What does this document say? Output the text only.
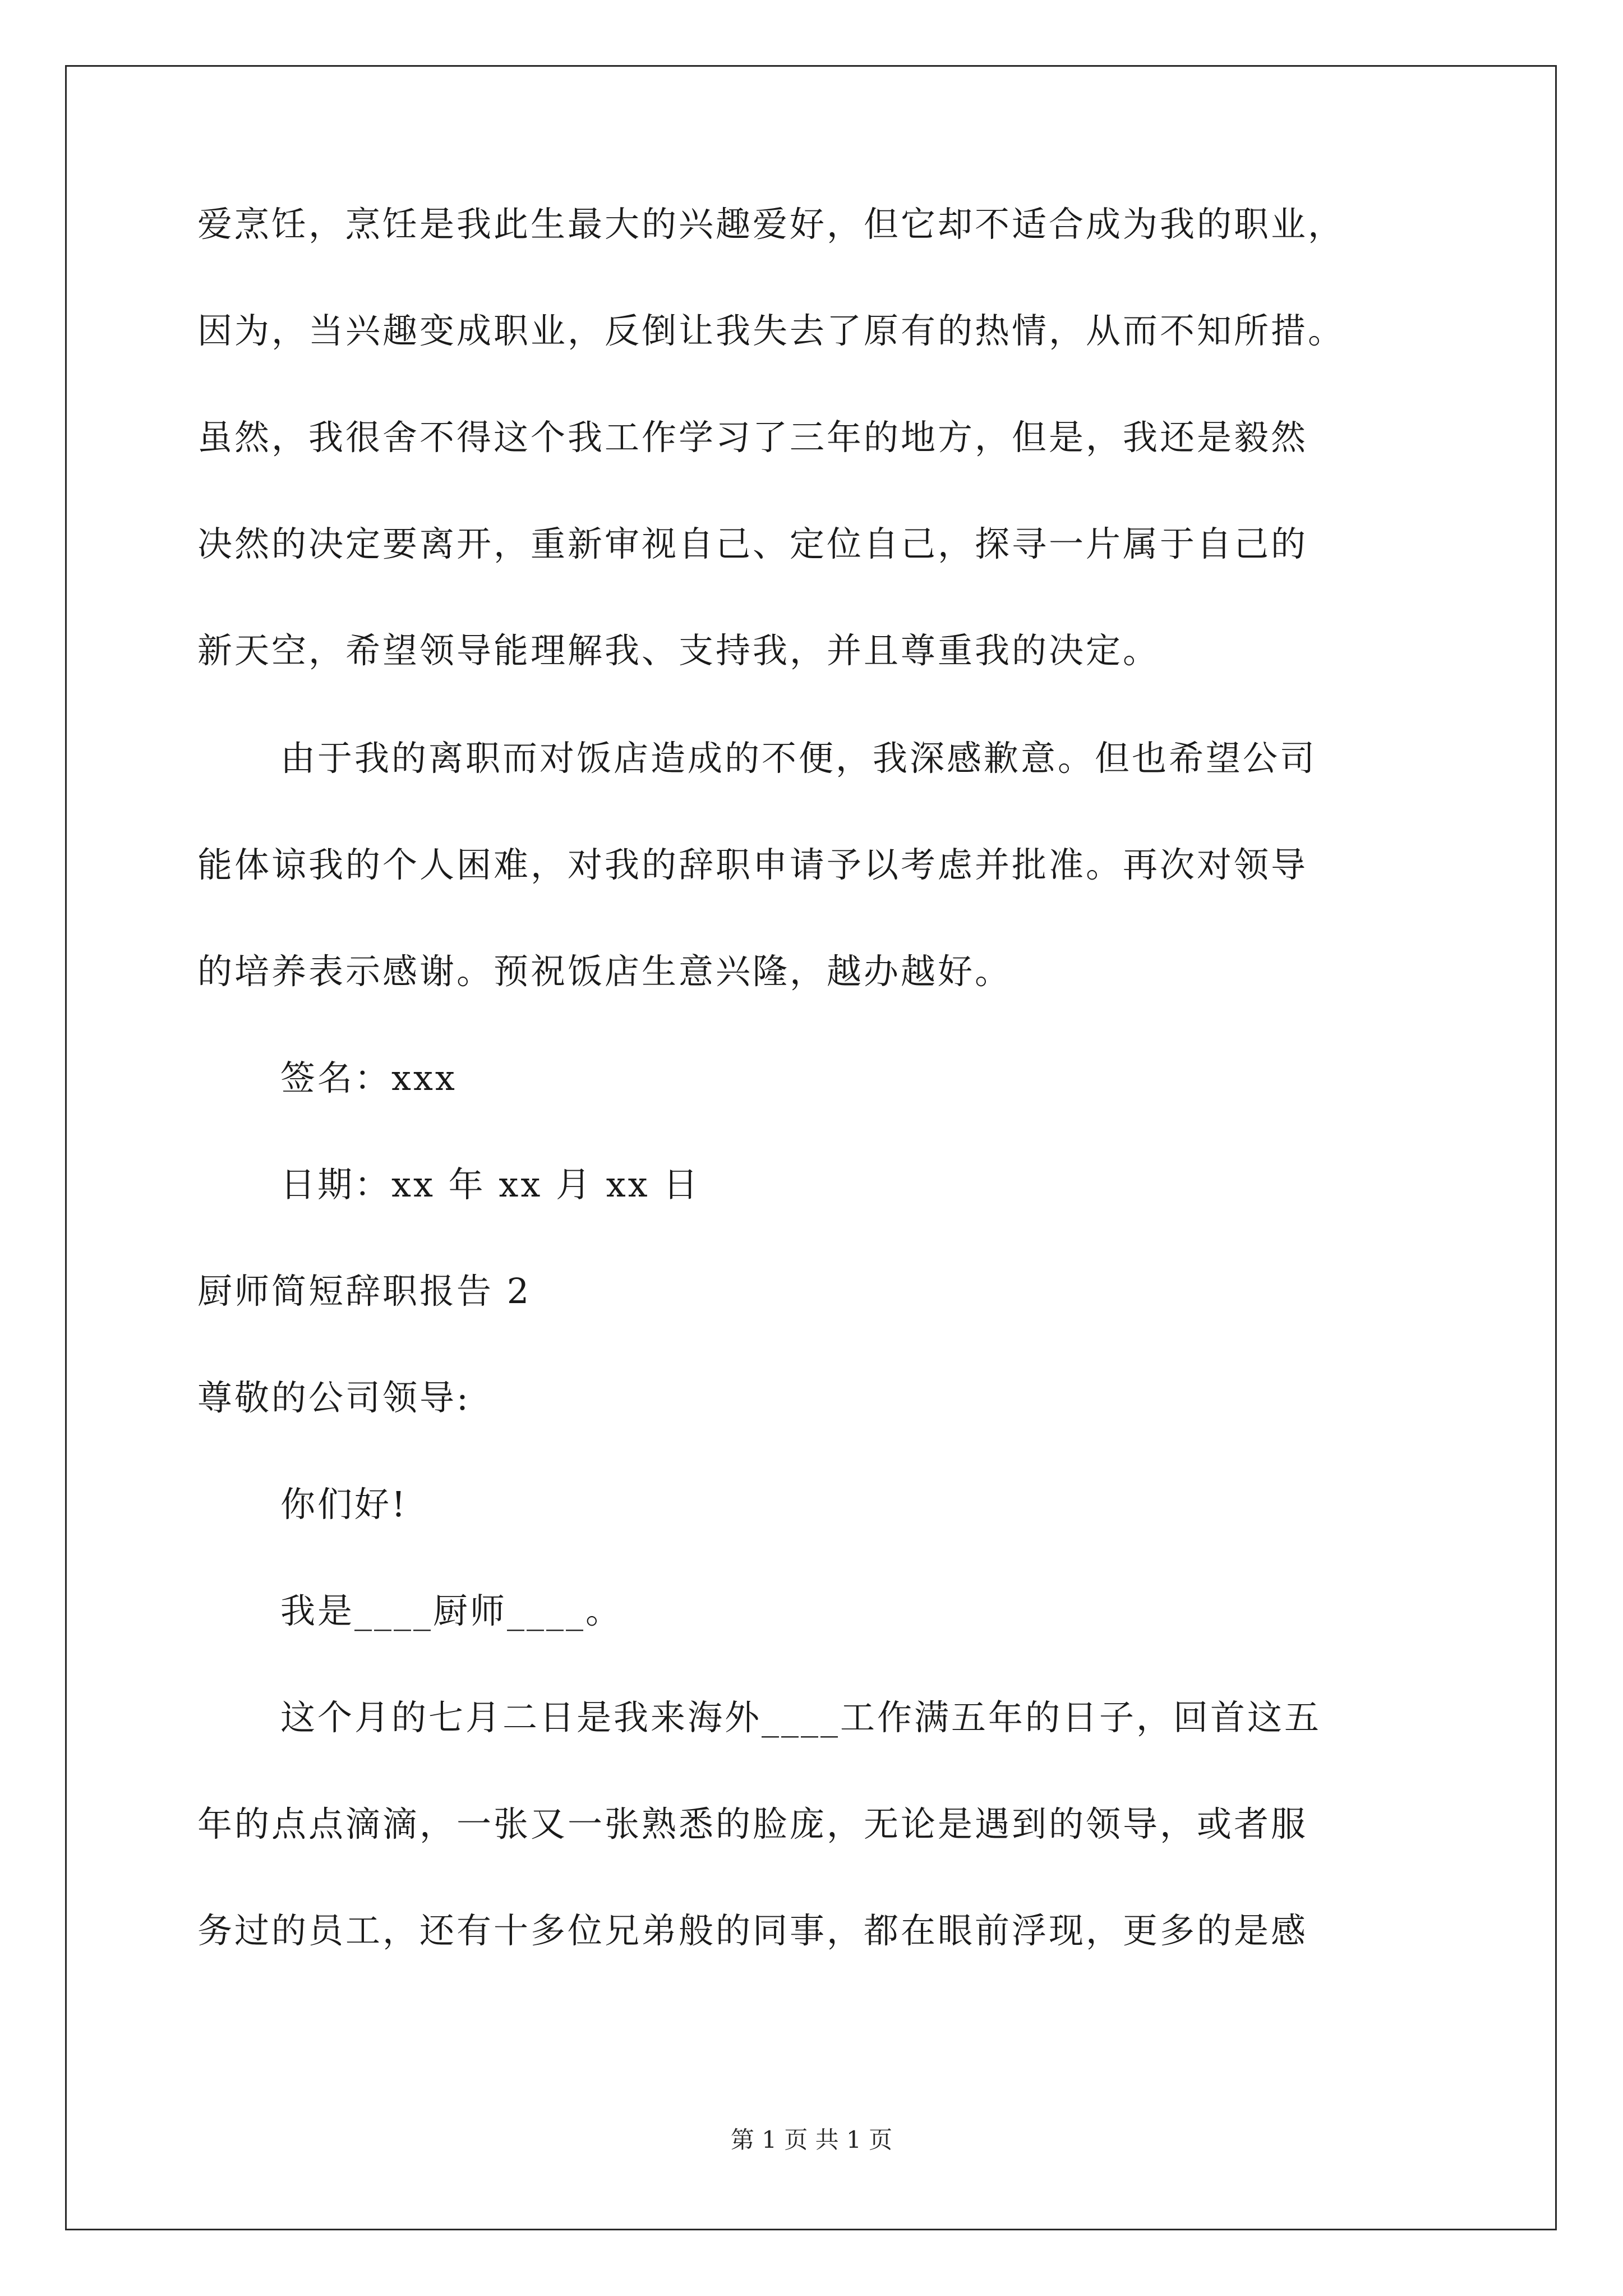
爱烹饪，烹饪是我此生最大的兴趣爱好，但它却不适合成为我的职业，
因为，当兴趣变成职业，反倒让我失去了原有的热情，从而不知所措。
虽然，我很舍不得这个我工作学习了三年的地方，但是，我还是毅然
决然的决定要离开，重新审视自己、定位自己，探寻一片属于自己的
新天空，希望领导能理解我、支持我，并且尊重我的决定。
由于我的离职而对饭店造成的不便，我深感歉意。但也希望公司
能体谅我的个人困难，对我的辞职申请予以考虑并批准。再次对领导
的培养表示感谢。预祝饭店生意兴隆，越办越好。
签名：xxx
日期：xx 年 xx 月 xx 日
厨师简短辞职报告 2
尊敬的公司领导:
你们好!
我是____厨师____。
这个月的七月二日是我来海外____工作满五年的日子，回首这五
年的点点滴滴，一张又一张熟悉的脸庞，无论是遇到的领导，或者服
务过的员工，还有十多位兄弟般的同事，都在眼前浮现，更多的是感
第 1 页 共 1 页
